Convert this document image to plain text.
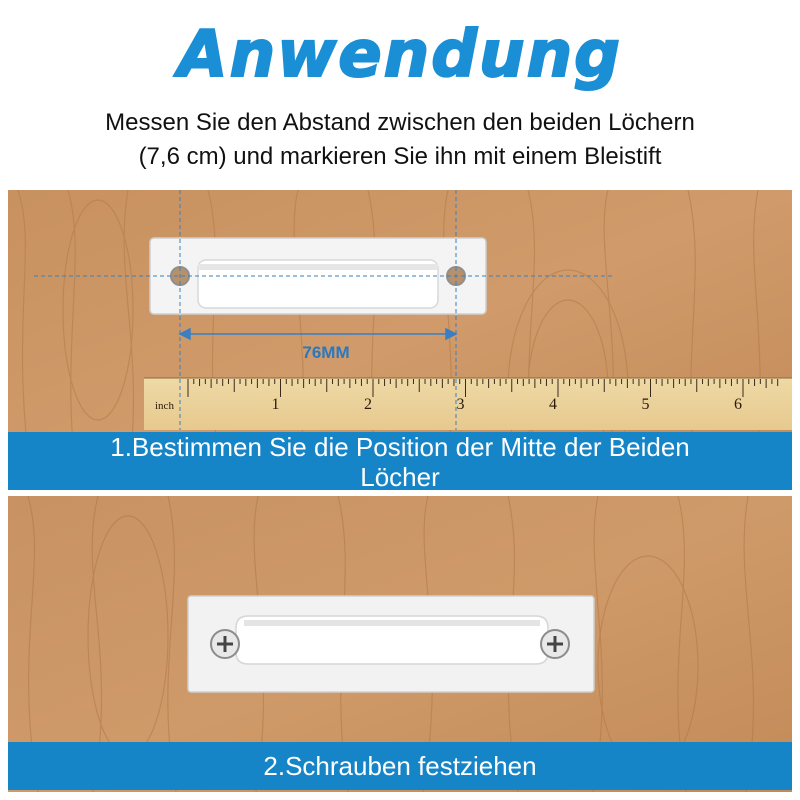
Anwendung
Messen Sie den Abstand zwischen den beiden Löchern
(7,6 cm) und markieren Sie ihn mit einem Bleistift
76MM
inch	1	2	3	4	5	6
1.Bestimmen Sie die Position der Mitte der Beiden
Löcher
2.Schrauben festziehen
